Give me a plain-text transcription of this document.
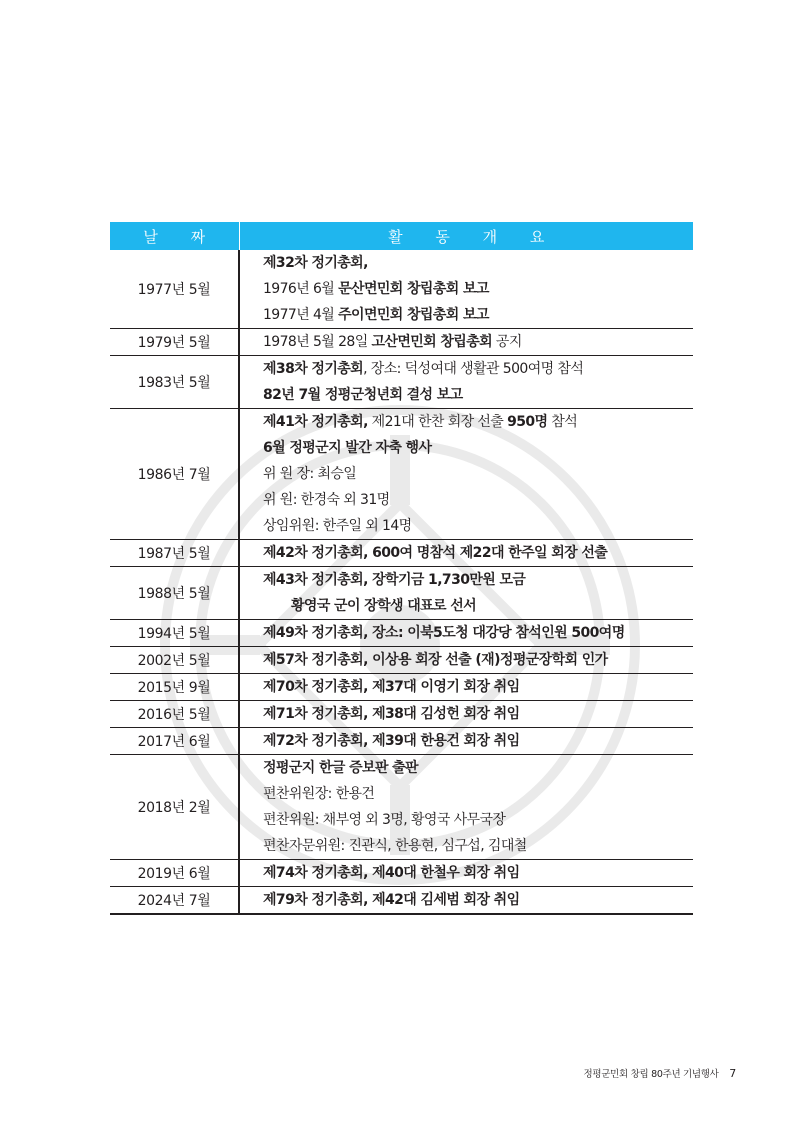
날 짜	활 동 개 요
1977년 5월	제32차 정기총회,
1976년 6월 문산면민회 창립총회 보고
1977년 4월 주이면민회 창립총회 보고

1979년 5월	1978년 5월 28일 고산면민회 창립총회 공지

1983년 5월	제38차 정기총회, 장소: 덕성여대 생활관 500여명 참석
82년 7월 정평군청년회 결성 보고

1986년 7월	제41차 정기총회, 제21대 한찬 회장 선출 950명 참석
6월 정평군지 발간 자축 행사
위 원 장: 최승일
위 원: 한경숙 외 31명
상임위원: 한주일 외 14명

1987년 5월	제42차 정기총회, 600여 명참석 제22대 한주일 회장 선출

1988년 5월	제43차 정기총회, 장학기금 1,730만원 모금
황영국 군이 장학생 대표로 선서

1994년 5월	제49차 정기총회, 장소: 이북5도청 대강당 참석인원 500여명

2002년 5월	제57차 정기총회, 이상용 회장 선출 (재)정평군장학회 인가

2015년 9월	제70차 정기총회, 제37대 이영기 회장 취임

2016년 5월	제71차 정기총회, 제38대 김성헌 회장 취임

2017년 6월	제72차 정기총회, 제39대 한용건 회장 취임

2018년 2월	정평군지 한글 증보판 출판
편찬위원장: 한용건
편찬위원: 채부영 외 3명, 황영국 사무국장
편찬자문위원: 진관식, 한용현, 심구섭, 김대철

2019년 6월	제74차 정기총회, 제40대 한철우 회장 취임

2024년 7월	제79차 정기총회, 제42대 김세범 회장 취임
정평군민회 창립 80주년 기념행사 7
